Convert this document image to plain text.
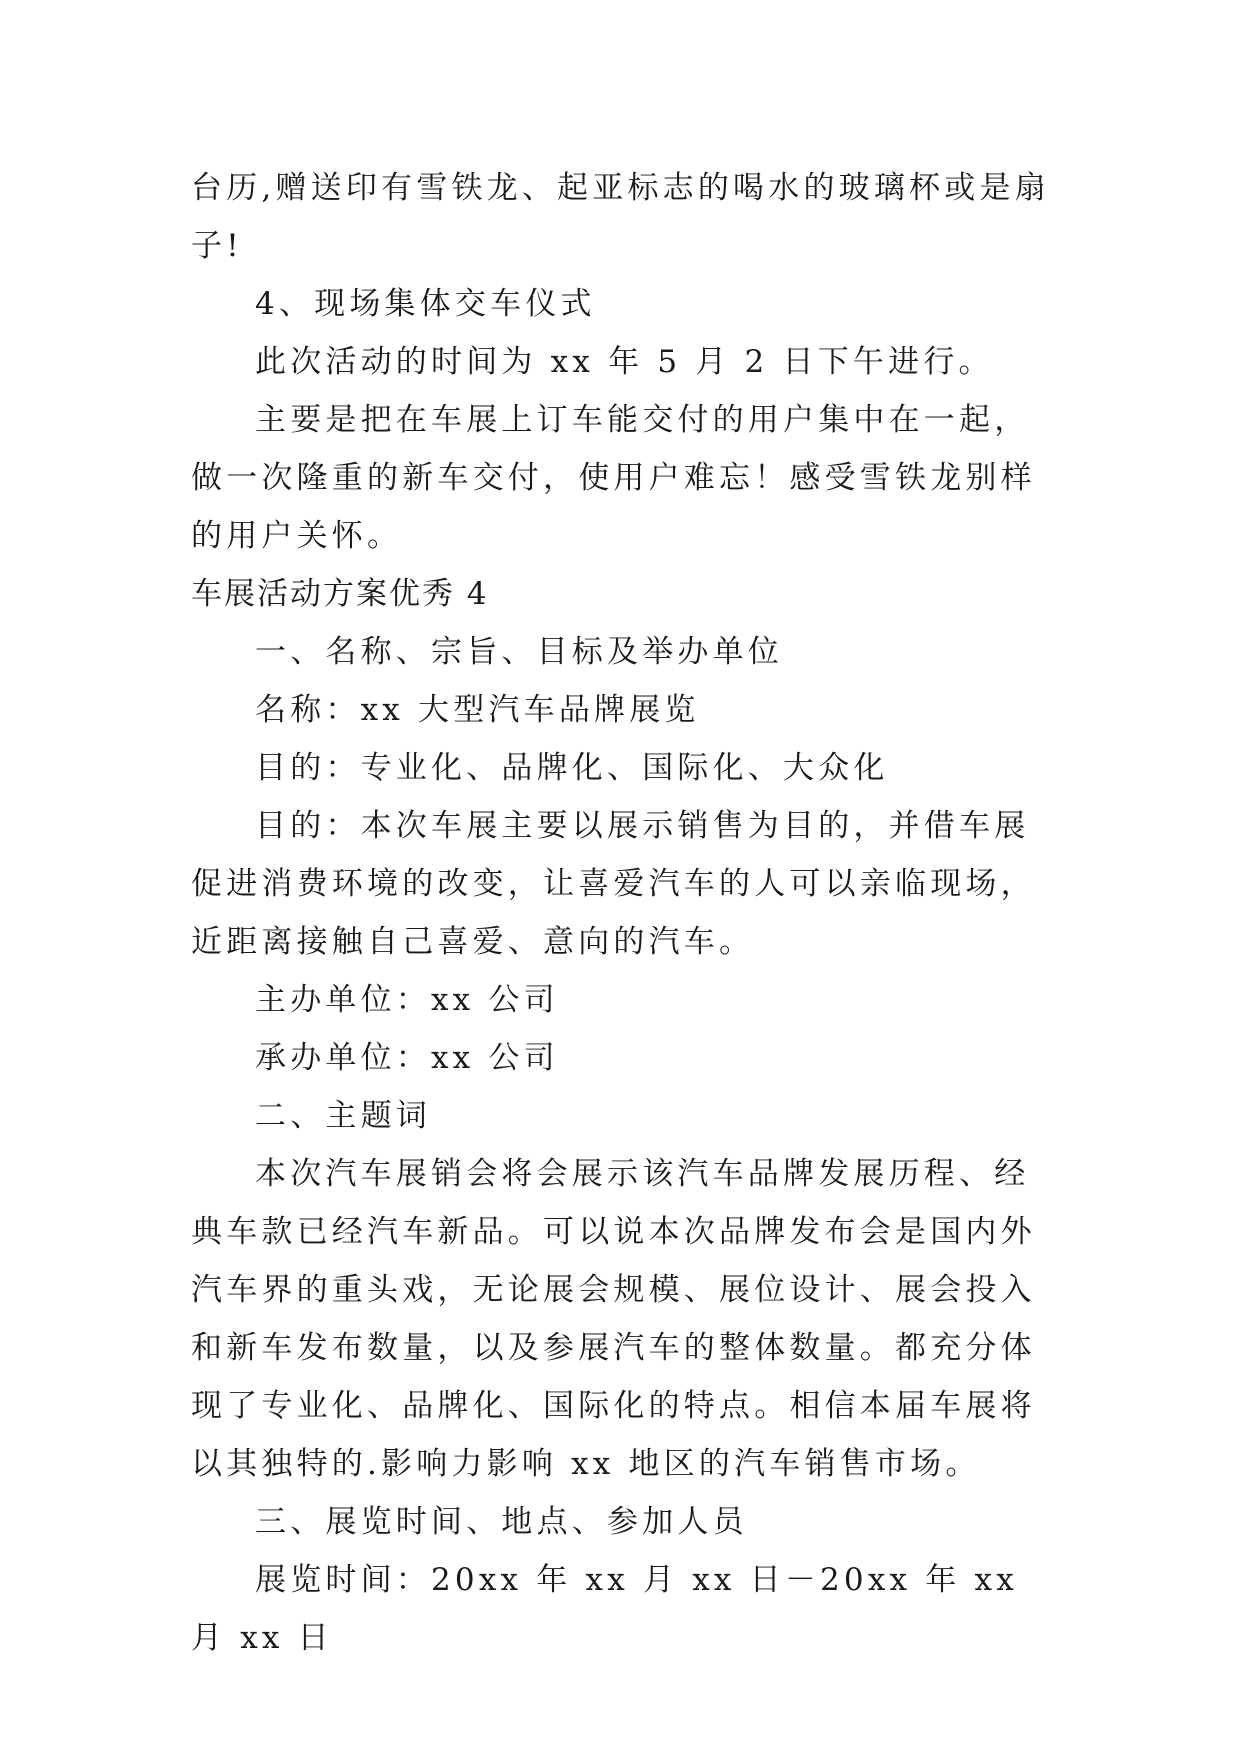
台历,赠送印有雪铁龙、起亚标志的喝水的玻璃杯或是扇子!

4、现场集体交车仪式

此次活动的时间为 xx 年 5 月 2 日下午进行。

主要是把在车展上订车能交付的用户集中在一起，做一次隆重的新车交付，使用户难忘！感受雪铁龙别样的用户关怀。

车展活动方案优秀 4

一、名称、宗旨、目标及举办单位

名称：xx 大型汽车品牌展览

目的：专业化、品牌化、国际化、大众化

目的：本次车展主要以展示销售为目的，并借车展促进消费环境的改变，让喜爱汽车的人可以亲临现场，近距离接触自己喜爱、意向的汽车。

主办单位：xx 公司

承办单位：xx 公司

二、主题词

本次汽车展销会将会展示该汽车品牌发展历程、经典车款已经汽车新品。可以说本次品牌发布会是国内外汽车界的重头戏，无论展会规模、展位设计、展会投入和新车发布数量，以及参展汽车的整体数量。都充分体现了专业化、品牌化、国际化的特点。相信本届车展将以其独特的.影响力影响 xx 地区的汽车销售市场。

三、展览时间、地点、参加人员

展览时间：20xx 年 xx 月 xx 日－20xx 年 xx 月 xx 日
